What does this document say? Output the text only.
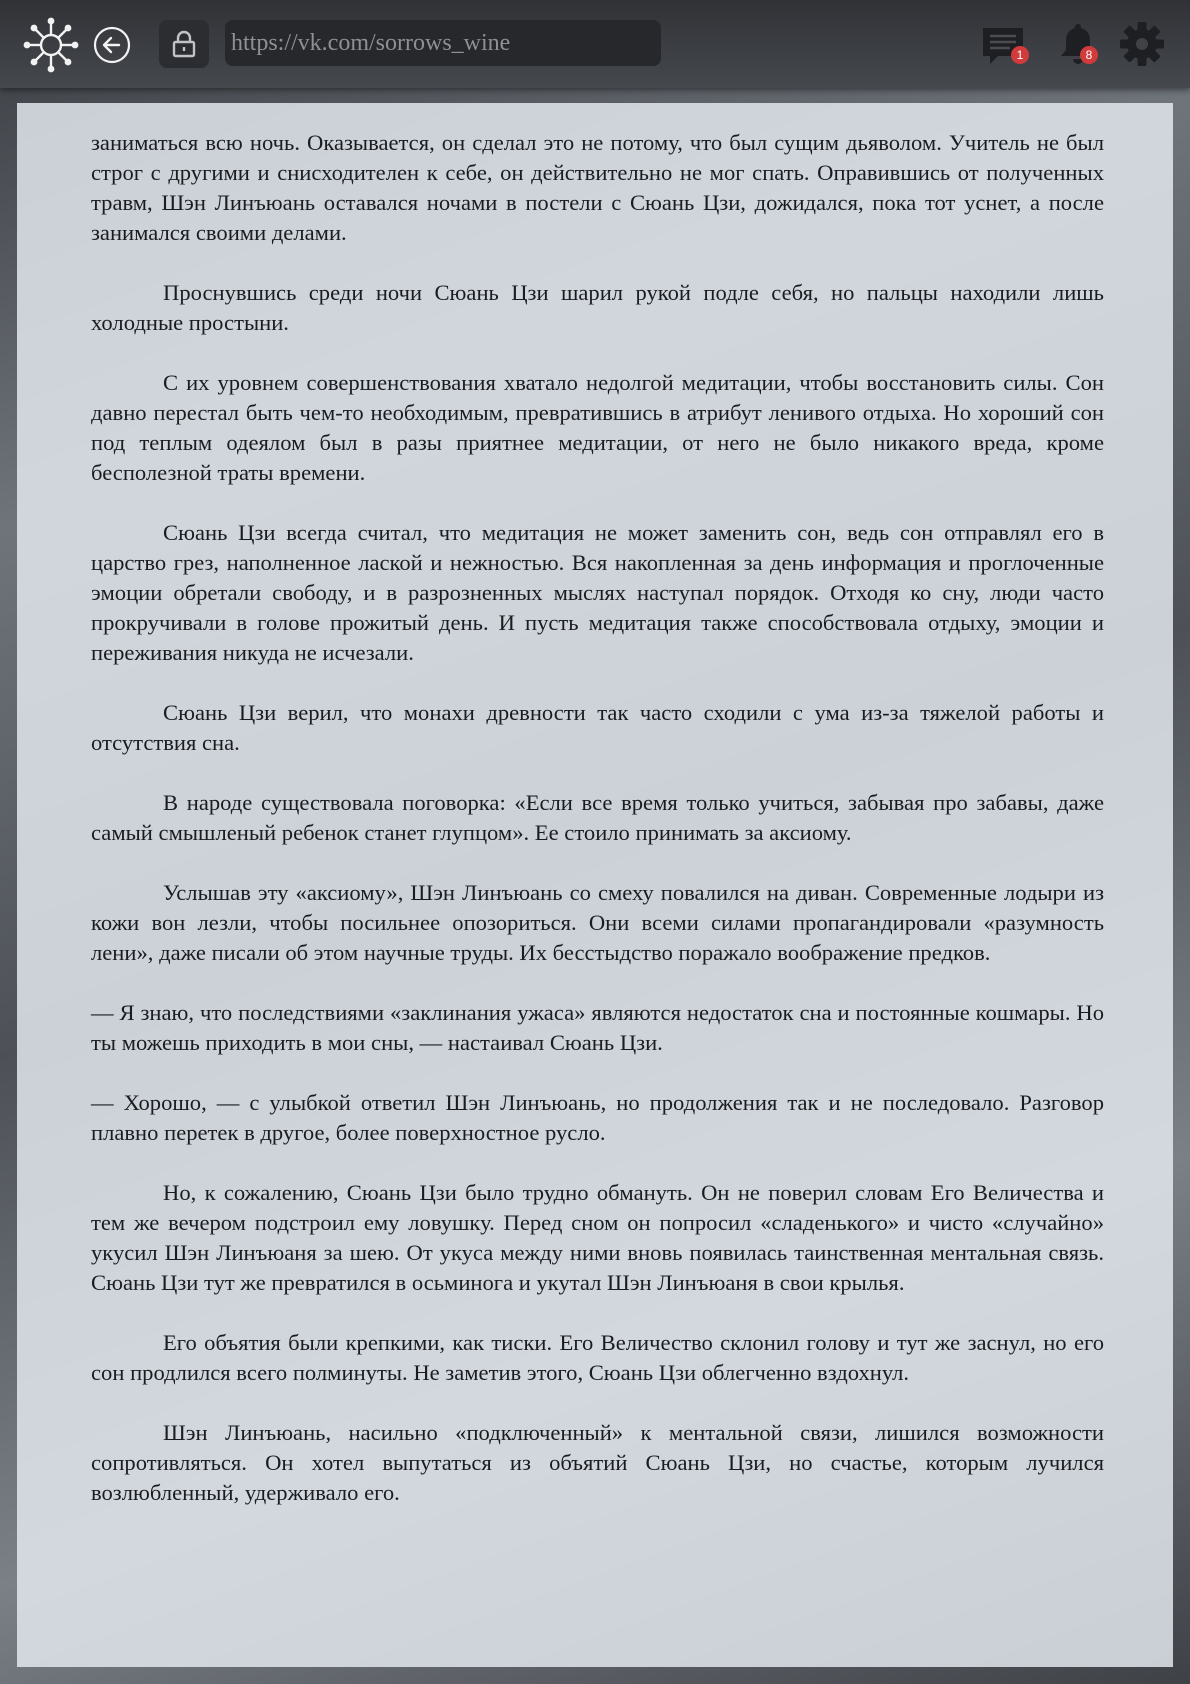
https://vk.com/sorrows_wine	1	8

заниматься всю ночь. Оказывается, он сделал это не потому, что был сущим дьяволом. Учитель не был строг с другими и снисходителен к себе, он действительно не мог спать. Оправившись от полученных травм, Шэн Линъюань оставался ночами в постели с Сюань Цзи, дожидался, пока тот уснет, а после занимался своими делами.

Проснувшись среди ночи Сюань Цзи шарил рукой подле себя, но пальцы находили лишь холодные простыни.

С их уровнем совершенствования хватало недолгой медитации, чтобы восстановить силы. Сон давно перестал быть чем-то необходимым, превратившись в атрибут ленивого отдыха. Но хороший сон под теплым одеялом был в разы приятнее медитации, от него не было никакого вреда, кроме бесполезной траты времени.

Сюань Цзи всегда считал, что медитация не может заменить сон, ведь сон отправлял его в царство грез, наполненное лаской и нежностью. Вся накопленная за день информация и проглоченные эмоции обретали свободу, и в разрозненных мыслях наступал порядок. Отходя ко сну, люди часто прокручивали в голове прожитый день. И пусть медитация также способствовала отдыху, эмоции и переживания никуда не исчезали.

Сюань Цзи верил, что монахи древности так часто сходили с ума из-за тяжелой работы и отсутствия сна.

В народе существовала поговорка: «Если все время только учиться, забывая про забавы, даже самый смышленый ребенок станет глупцом». Ее стоило принимать за аксиому.

Услышав эту «аксиому», Шэн Линъюань со смеху повалился на диван. Современные лодыри из кожи вон лезли, чтобы посильнее опозориться. Они всеми силами пропагандировали «разумность лени», даже писали об этом научные труды. Их бесстыдство поражало воображение предков.

— Я знаю, что последствиями «заклинания ужаса» являются недостаток сна и постоянные кошмары. Но ты можешь приходить в мои сны, — настаивал Сюань Цзи.

— Хорошо, — с улыбкой ответил Шэн Линъюань, но продолжения так и не последовало. Разговор плавно перетек в другое, более поверхностное русло.

Но, к сожалению, Сюань Цзи было трудно обмануть. Он не поверил словам Его Величества и тем же вечером подстроил ему ловушку. Перед сном он попросил «сладенького» и чисто «случайно» укусил Шэн Линъюаня за шею. От укуса между ними вновь появилась таинственная ментальная связь. Сюань Цзи тут же превратился в осьминога и укутал Шэн Линъюаня в свои крылья.

Его объятия были крепкими, как тиски. Его Величество склонил голову и тут же заснул, но его сон продлился всего полминуты. Не заметив этого, Сюань Цзи облегченно вздохнул.

Шэн Линъюань, насильно «подключенный» к ментальной связи, лишился возможности сопротивляться. Он хотел выпутаться из объятий Сюань Цзи, но счастье, которым лучился возлюбленный, удерживало его.
